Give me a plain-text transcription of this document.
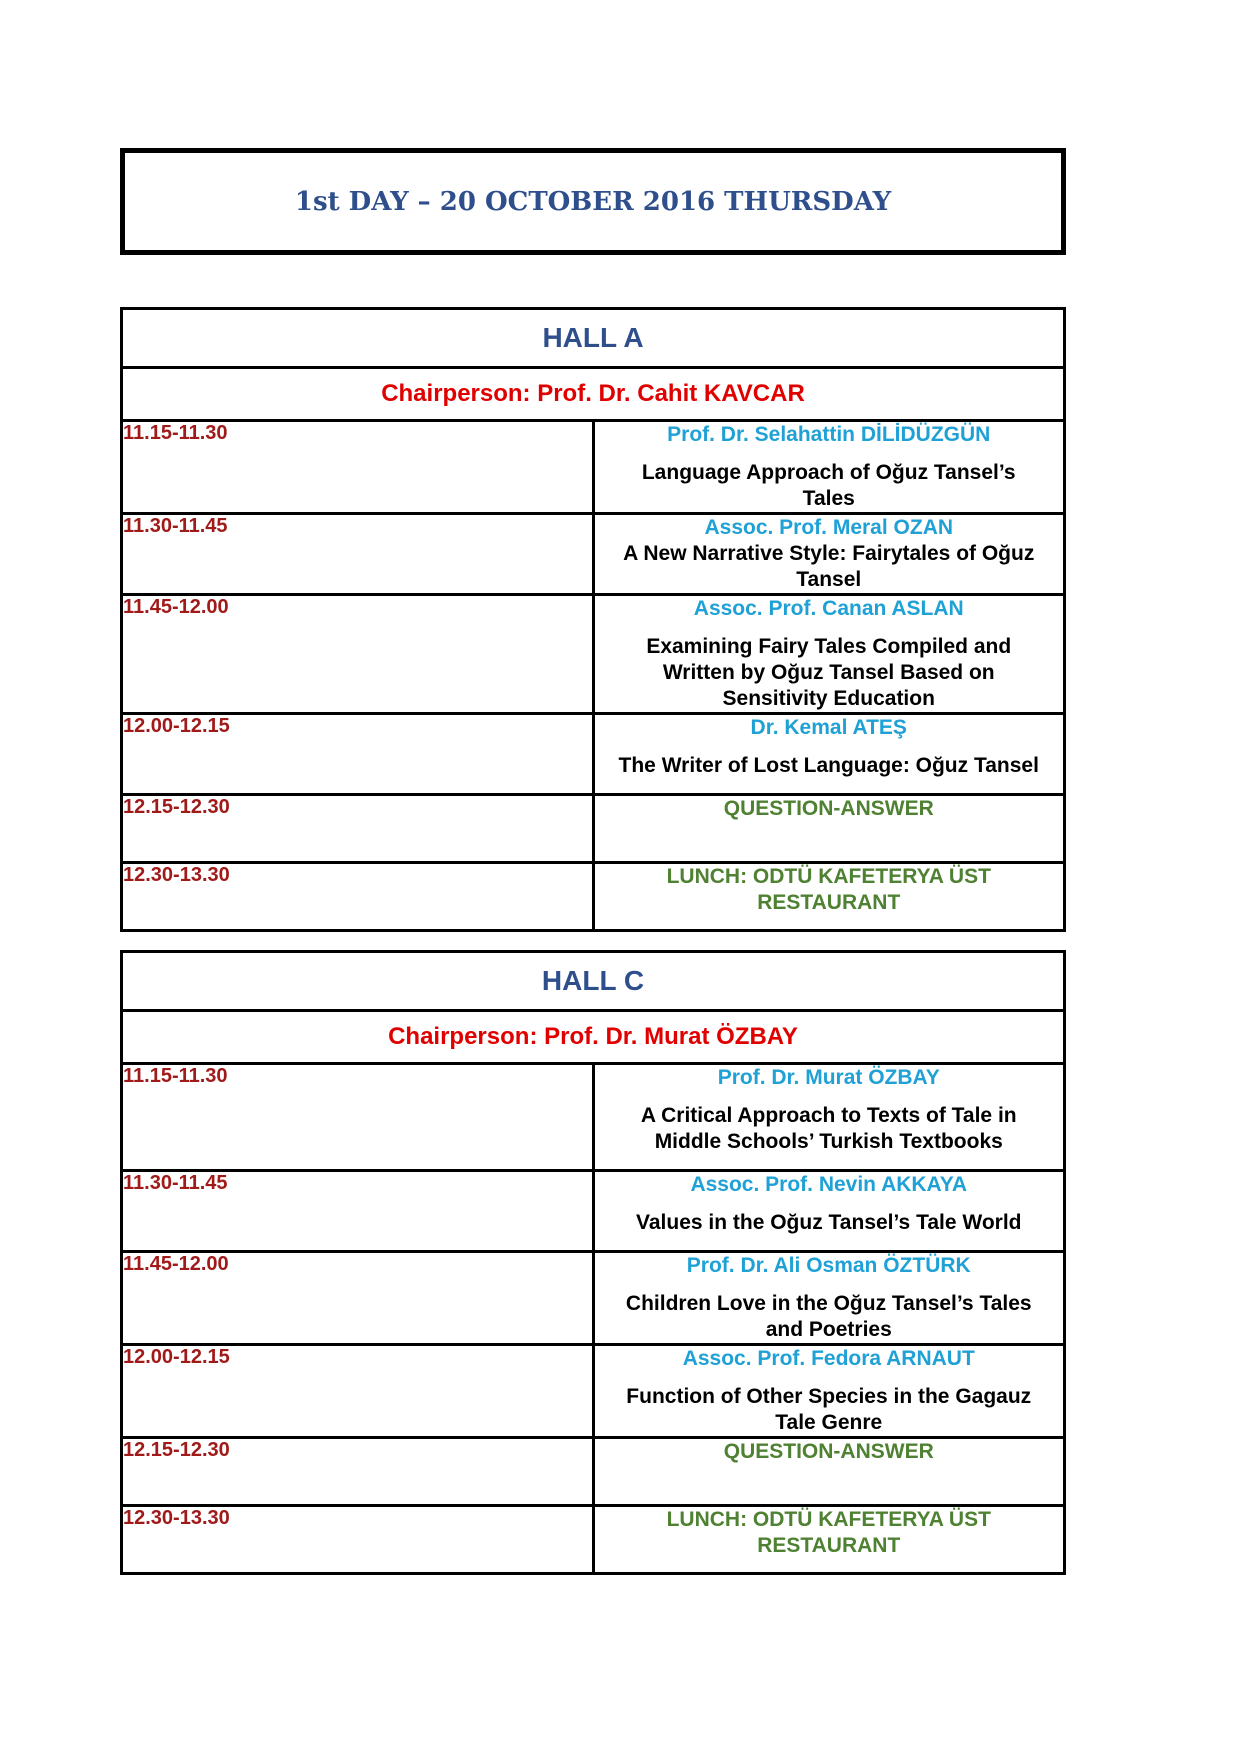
1st DAY – 20 OCTOBER 2016 THURSDAY
HALL A	
Chairperson: Prof. Dr. Cahit KAVCAR	
11.15-11.30	Prof. Dr. Selahattin DİLİDÜZGÜN
Language Approach of Oğuz Tansel’s Tales

11.30-11.45	Assoc. Prof. Meral OZAN
A New Narrative Style: Fairytales of Oğuz Tansel

11.45-12.00	Assoc. Prof. Canan ASLAN
Examining Fairy Tales Compiled and Written by Oğuz Tansel Based on Sensitivity Education

12.00-12.15	Dr. Kemal ATEŞ
The Writer of Lost Language: Oğuz Tansel

12.15-12.30	QUESTION-ANSWER

12.30-13.30	LUNCH: ODTÜ KAFETERYA ÜST RESTAURANT
HALL C	
Chairperson: Prof. Dr. Murat ÖZBAY	
11.15-11.30	Prof. Dr. Murat ÖZBAY
A Critical Approach to Texts of Tale in Middle Schools’ Turkish Textbooks

11.30-11.45	Assoc. Prof. Nevin AKKAYA
Values in the Oğuz Tansel’s Tale World

11.45-12.00	Prof. Dr. Ali Osman ÖZTÜRK
Children Love in the Oğuz Tansel’s Tales and Poetries

12.00-12.15	Assoc. Prof. Fedora ARNAUT
Function of Other Species in the Gagauz Tale Genre

12.15-12.30	QUESTION-ANSWER

12.30-13.30	LUNCH: ODTÜ KAFETERYA ÜST RESTAURANT
